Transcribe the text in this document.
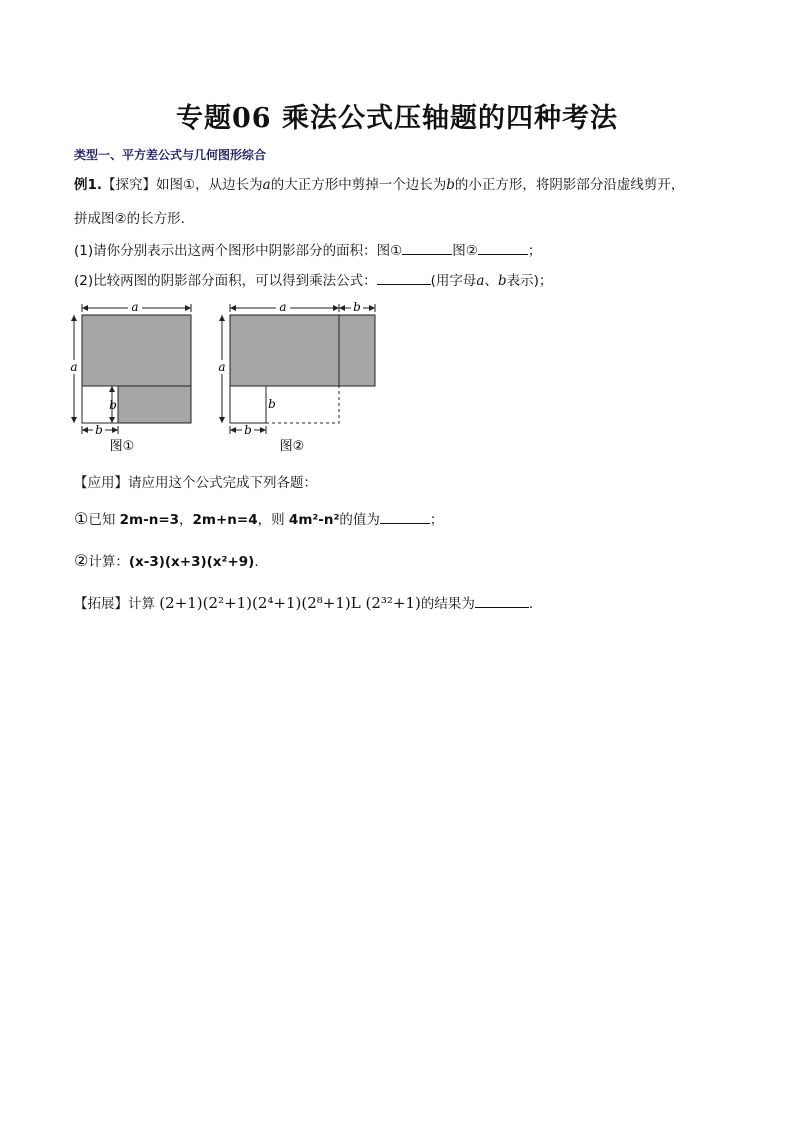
专题06 乘法公式压轴题的四种考法
类型一、平方差公式与几何图形综合
例1.【探究】如图①，从边长为a的大正方形中剪掉一个边长为b的小正方形，将阴影部分沿虚线剪开，
拼成图②的长方形．
(1)请你分别表示出这两个图形中阴影部分的面积：图①	图②	；
(2)比较两图的阴影部分面积，可以得到乘法公式：	(用字母a、b表示)；
a
a
b
b
图①
a	b
a
b
b
图②
【应用】请应用这个公式完成下列各题：
①已知 2m-n=3，2m+n=4，则 4m²-n²的值为	；
②计算：(x-3)(x+3)(x²+9).
【拓展】计算 (2+1)(2²+1)(2⁴+1)(2⁸+1)L (2³²+1)的结果为	.
